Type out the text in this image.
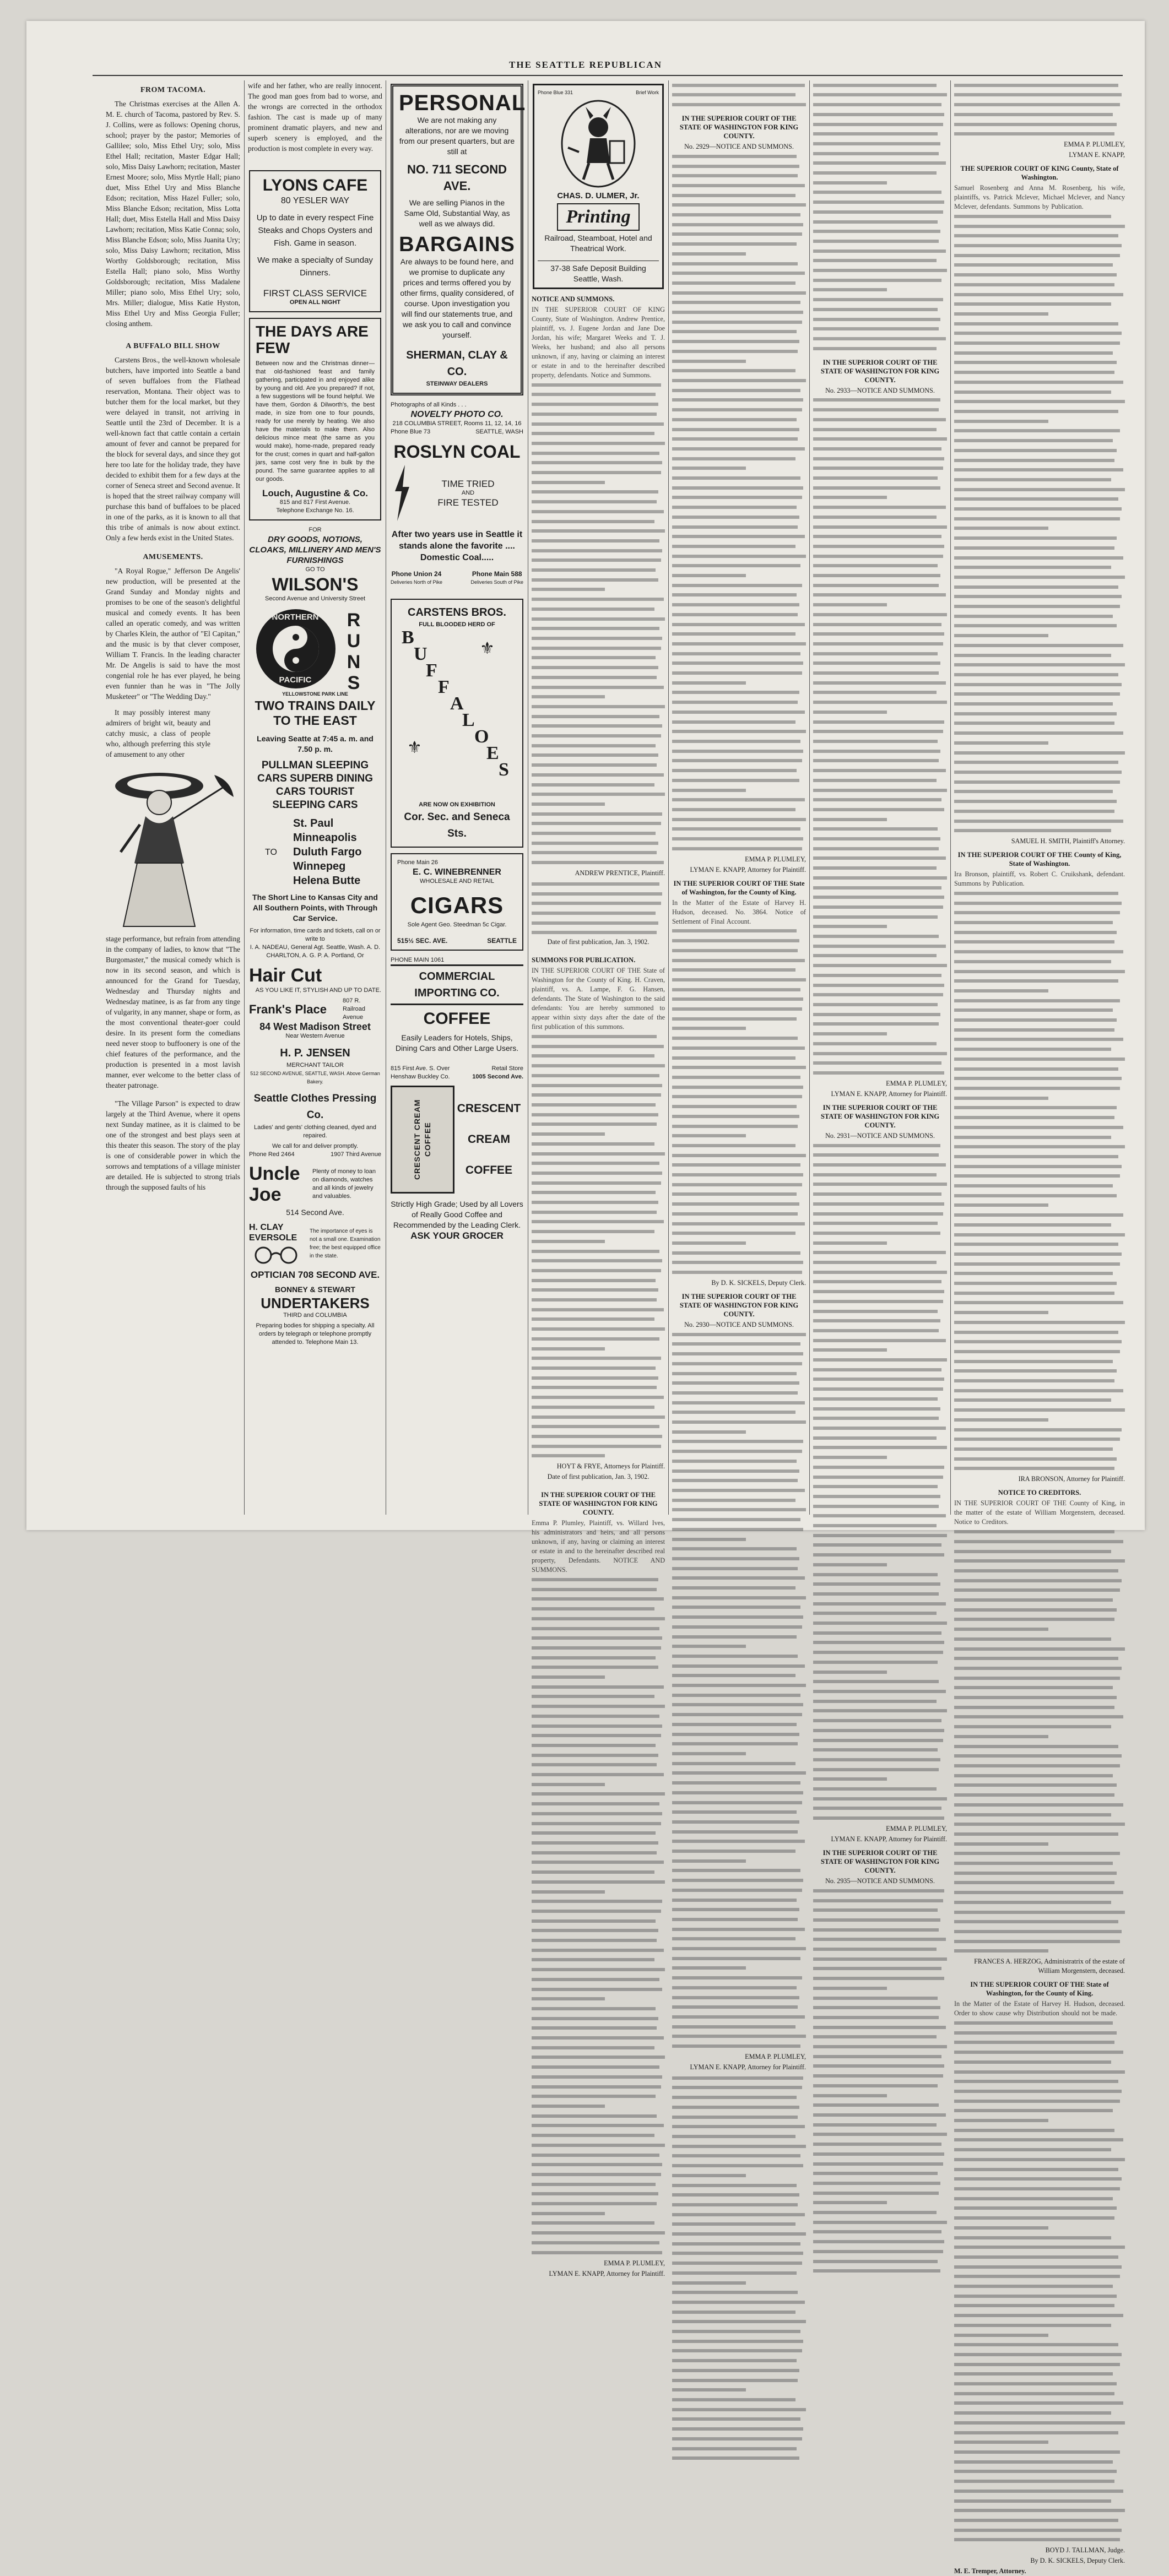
THE SEATTLE REPUBLICAN
FROM TACOMA.

The Christmas exercises at the Allen A. M. E. church of Tacoma, pastored by Rev. S. J. Collins, were as follows: Opening chorus, school; prayer by the pastor; Memories of Gallilee; solo, Miss Ethel Ury; solo, Miss Ethel Hall; recitation, Master Edgar Hall; solo, Miss Daisy Lawhorn; recitation, Master Ernest Moore; solo, Miss Myrtle Hall; piano duet, Miss Ethel Ury and Miss Blanche Edson; recitation, Miss Hazel Fuller; solo, Miss Blanche Edson; recitation, Miss Lotta Hall; duet, Miss Estella Hall and Miss Daisy Lawhorn; recitation, Miss Katie Conna; solo, Miss Blanche Edson; solo, Miss Juanita Ury; solo, Miss Daisy Lawhorn; recitation, Miss Worthy Goldsborough; recitation, Miss Estella Hall; piano solo, Miss Worthy Goldsborough; recitation, Miss Madalene Miller; piano solo, Miss Ethel Ury; solo, Mrs. Miller; dialogue, Miss Katie Hyston, Miss Ethel Ury and Miss Georgia Fuller; closing anthem.

A BUFFALO BILL SHOW

Carstens Bros., the well-known wholesale butchers, have imported into Seattle a band of seven buffaloes from the Flathead reservation, Montana. Their object was to butcher them for the local market, but they were delayed in transit, not arriving in Seattle until the 23rd of December. It is a well-known fact that cattle contain a certain amount of fever and cannot be prepared for the block for several days, and since they got here too late for the holiday trade, they have decided to exhibit them for a few days at the corner of Seneca street and Second avenue. It is hoped that the street railway company will purchase this band of buffaloes to be placed in one of the parks, as it is known to all that this tribe of animals is now about extinct. Only a few herds exist in the United States.

AMUSEMENTS.

"A Royal Rogue," Jefferson De Angelis' new production, will be presented at the Grand Sunday and Monday nights and promises to be one of the season's delightful musical and comedy events. It has been called an operatic comedy, and was written by Charles Klein, the author of "El Capitan," and the music is by that clever composer, William T. Francis. In the leading character Mr. De Angelis is said to have the most congenial role he has ever played, he being even funnier than he was in "The Jolly Musketeer" or "The Wedding Day."

It may possibly interest many admirers of bright wit, beauty and catchy music, a class of people who, although preferring this style of amusement to any other

stage performance, but refrain from attending in the company of ladies, to know that "The Burgomaster," the musical comedy which is now in its second season, and which is announced for the Grand for Tuesday, Wednesday and Thursday nights and Wednesday matinee, is as far from any tinge of vulgarity, in any manner, shape or form, as the most conventional theater-goer could desire. In its present form the comedians need never stoop to buffoonery is one of the chief features of the performance, and the production is presented in a most lavish manner, ever welcome to the better class of theater patronage.

"The Village Parson" is expected to draw largely at the Third Avenue, where it opens next Sunday matinee, as it is claimed to be one of the strongest and best plays seen at this theater this season. The story of the play is one of considerable power in which the sorrows and temptations of a village minister are detailed. He is subjected to strong trials through the supposed faults of his

wife and her father, who are really innocent. The good man goes from bad to worse, and the wrongs are corrected in the orthodox fashion. The cast is made up of many prominent dramatic players, and new and superb scenery is employed, and the production is most complete in every way.

LYONS CAFE
80 YESLER WAY
Up to date in every respect Fine Steaks and Chops Oysters and Fish. Game in season.
We make a specialty of Sunday Dinners.
FIRST CLASS SERVICE
OPEN ALL NIGHT
THE DAYS ARE FEW
Between now and the Christmas dinner—that old-fashioned feast and family gathering, participated in and enjoyed alike by young and old. Are you prepared? If not, a few suggestions will be found helpful. We have them, Gordon & Dilworth's, the best made, in size from one to four pounds, ready for use merely by heating. We also have the materials to make them. Also delicious mince meat (the same as you would make), home-made, prepared ready for the crust; comes in quart and half-gallon jars, same cost very fine in bulk by the pound. The same guarantee applies to all our goods.
Louch, Augustine & Co.
815 and 817 First Avenue.
Telephone Exchange No. 16.
FOR
DRY GOODS, NOTIONS, CLOAKS, MILLINERY AND MEN'S FURNISHINGS
GO TO
WILSON'S
Second Avenue and University Street
NORTHERN
PACIFIC
RUNS
YELLOWSTONE PARK LINE
TWO TRAINS DAILY TO THE EAST
Leaving Seatte at 7:45 a. m. and 7.50 p. m.
PULLMAN SLEEPING CARS SUPERB DINING CARS TOURIST SLEEPING CARS
TO
St. Paul Minneapolis Duluth Fargo Winnepeg Helena Butte
The Short Line to Kansas City and All Southern Points, with Through Car Service.
For information, time cards and tickets, call on or write to
I. A. NADEAU, General Agt. Seattle, Wash. A. D. CHARLTON, A. G. P. A. Portland, Or
Hair Cut
AS YOU LIKE IT, STYLISH AND UP TO DATE.
Frank's Place
807 R. Railroad Avenue
84 West Madison Street
Near Western Avenue
H. P. JENSEN
MERCHANT TAILOR
512 SECOND AVENUE, SEATTLE, WASH. Above German Bakery.
Seattle Clothes Pressing Co.
Ladies' and gents' clothing cleaned, dyed and repaired.
We call for and deliver promptly.
Phone Red 2464	1907 Third Avenue
Uncle Joe
Plenty of money to loan on diamonds, watches and all kinds of jewelry and valuables.
514 Second Ave.
H. CLAY EVERSOLE
The importance of eyes is not a small one. Examination free; the best equipped office in the state.
OPTICIAN 708 SECOND AVE.
BONNEY & STEWART
UNDERTAKERS
THIRD and COLUMBIA
Preparing bodies for shipping a specialty. All orders by telegraph or telephone promptly attended to. Telephone Main 13.
PERSONAL
We are not making any alterations, nor are we moving from our present quarters, but are still at
NO. 711 SECOND AVE.
We are selling Pianos in the Same Old, Substantial Way, as well as we always did.
BARGAINS
Are always to be found here, and we promise to duplicate any prices and terms offered you by other firms, quality considered, of course. Upon investigation you will find our statements true, and we ask you to call and convince yourself.
SHERMAN, CLAY & CO.
STEINWAY DEALERS
Photographs of all Kinds . . .
NOVELTY PHOTO CO.
218 COLUMBIA STREET, Rooms 11, 12, 14, 16
Phone Blue 73	SEATTLE, WASH
ROSLYN COAL
TIME TRIED
AND
FIRE TESTED
After two years use in Seattle it stands alone the favorite .... Domestic Coal.....
Phone Union 24
Deliveries North of Pike
Phone Main 588
Deliveries South of Pike
CARSTENS BROS.
FULL BLOODED HERD OF
B
U
F
F
A
L
O
E
S
⚜
⚜
ARE NOW ON EXHIBITION
Cor. Sec. and Seneca Sts.
Phone Main 26
E. C. WINEBRENNER
WHOLESALE AND RETAIL
CIGARS
Sole Agent Geo. Steedman 5c Cigar.
515½ SEC. AVE.	SEATTLE
PHONE MAIN 1061
COMMERCIAL IMPORTING CO.
COFFEE
Easily Leaders for Hotels, Ships, Dining Cars and Other Large Users.
815 First Ave. S. Over Henshaw Buckley Co.
Retail Store
1005 Second Ave.
CRESCENT CREAM COFFEE
CRESCENT
CREAM
COFFEE
Strictly High Grade; Used by all Lovers of Really Good Coffee and Recommended by the Leading Clerk.
ASK YOUR GROCER
Phone Blue 331	Brief Work
CHAS. D. ULMER, Jr.
Printing
Railroad, Steamboat, Hotel and Theatrical Work.
37-38 Safe Deposit Building Seattle, Wash.
NOTICE AND SUMMONS.
IN THE SUPERIOR COURT OF KING County, State of Washington. Andrew Prentice, plaintiff, vs. J. Eugene Jordan and Jane Doe Jordan, his wife; Margaret Weeks and T. J. Weeks, her husband; and also all persons unknown, if any, having or claiming an interest or estate in and to the hereinafter described property, defendants. Notice and Summons.
ANDREW PRENTICE, Plaintiff.
Date of first publication, Jan. 3, 1902.
SUMMONS FOR PUBLICATION.
IN THE SUPERIOR COURT OF THE State of Washington for the County of King. H. Craven, plaintiff, vs. A. Lampe, F. G. Hansen, defendants. The State of Washington to the said defendants: You are hereby summoned to appear within sixty days after the date of the first publication of this summons.
HOYT & FRYE, Attorneys for Plaintiff.
Date of first publication, Jan. 3, 1902.
IN THE SUPERIOR COURT OF THE STATE OF WASHINGTON FOR KING COUNTY.
Emma P. Plumley, Plaintiff, vs. Willard Ives, his administrators and heirs, and all persons unknown, if any, having or claiming an interest or estate in and to the hereinafter described real property, Defendants. NOTICE AND SUMMONS.
EMMA P. PLUMLEY,
LYMAN E. KNAPP, Attorney for Plaintiff.
IN THE SUPERIOR COURT OF THE STATE OF WASHINGTON FOR KING COUNTY.
No. 2929—NOTICE AND SUMMONS.
EMMA P. PLUMLEY,
LYMAN E. KNAPP, Attorney for Plaintiff.
IN THE SUPERIOR COURT OF THE State of Washington, for the County of King.
In the Matter of the Estate of Harvey H. Hudson, deceased. No. 3864. Notice of Settlement of Final Account.
By D. K. SICKELS, Deputy Clerk.
IN THE SUPERIOR COURT OF THE STATE OF WASHINGTON FOR KING COUNTY.
No. 2930—NOTICE AND SUMMONS.
EMMA P. PLUMLEY,
LYMAN E. KNAPP, Attorney for Plaintiff.
IN THE SUPERIOR COURT OF THE STATE OF WASHINGTON FOR KING COUNTY.
No. 2933—NOTICE AND SUMMONS.
EMMA P. PLUMLEY,
LYMAN E. KNAPP, Attorney for Plaintiff.
IN THE SUPERIOR COURT OF THE STATE OF WASHINGTON FOR KING COUNTY.
No. 2931—NOTICE AND SUMMONS.
EMMA P. PLUMLEY,
LYMAN E. KNAPP, Attorney for Plaintiff.
IN THE SUPERIOR COURT OF THE STATE OF WASHINGTON FOR KING COUNTY.
No. 2935—NOTICE AND SUMMONS.
EMMA P. PLUMLEY,
LYMAN E. KNAPP,
THE SUPERIOR COURT OF KING County, State of Washington.
Samuel Rosenberg and Anna M. Rosenberg, his wife, plaintiffs, vs. Patrick Mclever, Michael Mclever, and Nancy Mclever, defendants. Summons by Publication.
SAMUEL H. SMITH, Plaintiff's Attorney.
IN THE SUPERIOR COURT OF THE County of King, State of Washington.
Ira Bronson, plaintiff, vs. Robert C. Cruikshank, defendant. Summons by Publication.
IRA BRONSON, Attorney for Plaintiff.
NOTICE TO CREDITORS.
IN THE SUPERIOR COURT OF THE County of King, in the matter of the estate of William Morgenstern, deceased. Notice to Creditors.
FRANCES A. HERZOG, Administratrix of the estate of William Morgenstern, deceased.
IN THE SUPERIOR COURT OF THE State of Washington, for the County of King.
In the Matter of the Estate of Harvey H. Hudson, deceased. Order to show cause why Distribution should not be made.
BOYD J. TALLMAN, Judge.
By D. K. SICKELS, Deputy Clerk.
M. E. Tremper, Attorney.
